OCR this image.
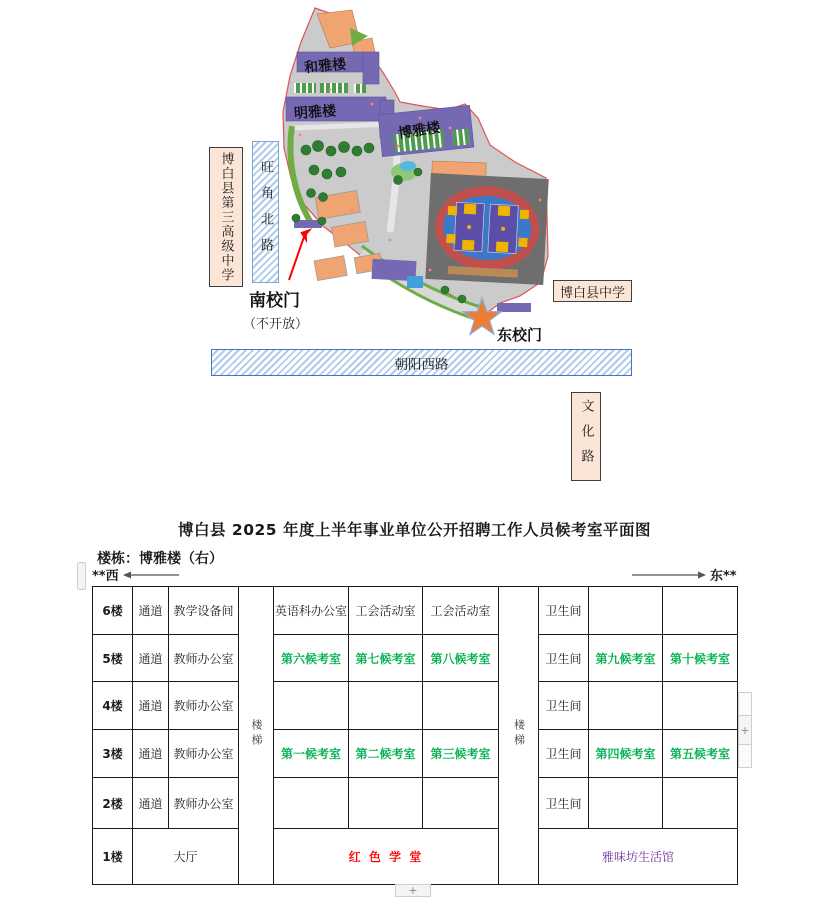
和雅楼
明雅楼
博雅楼
博白县第三高级中学 旺角北路
南校门
（不开放）
博白县中学
东校门
朝阳西路
文化路
博白县 2025 年度上半年事业单位公开招聘工作人员候考室平面图
楼栋：博雅楼（右）
**西	东**
6楼	通道	教学设备间	楼梯	英语科办公室	工会活动室	工会活动室	楼梯	卫生间		
5楼	通道	教师办公室		第六候考室	第七候考室	第八候考室		卫生间	第九候考室	第十候考室
4楼	通道	教师办公室						卫生间		
3楼	通道	教师办公室		第一候考室	第二候考室	第三候考室		卫生间	第四候考室	第五候考室
2楼	通道	教师办公室						卫生间		
1楼	大厅			红 色 学 堂				雅味坊生活馆		
+
+
